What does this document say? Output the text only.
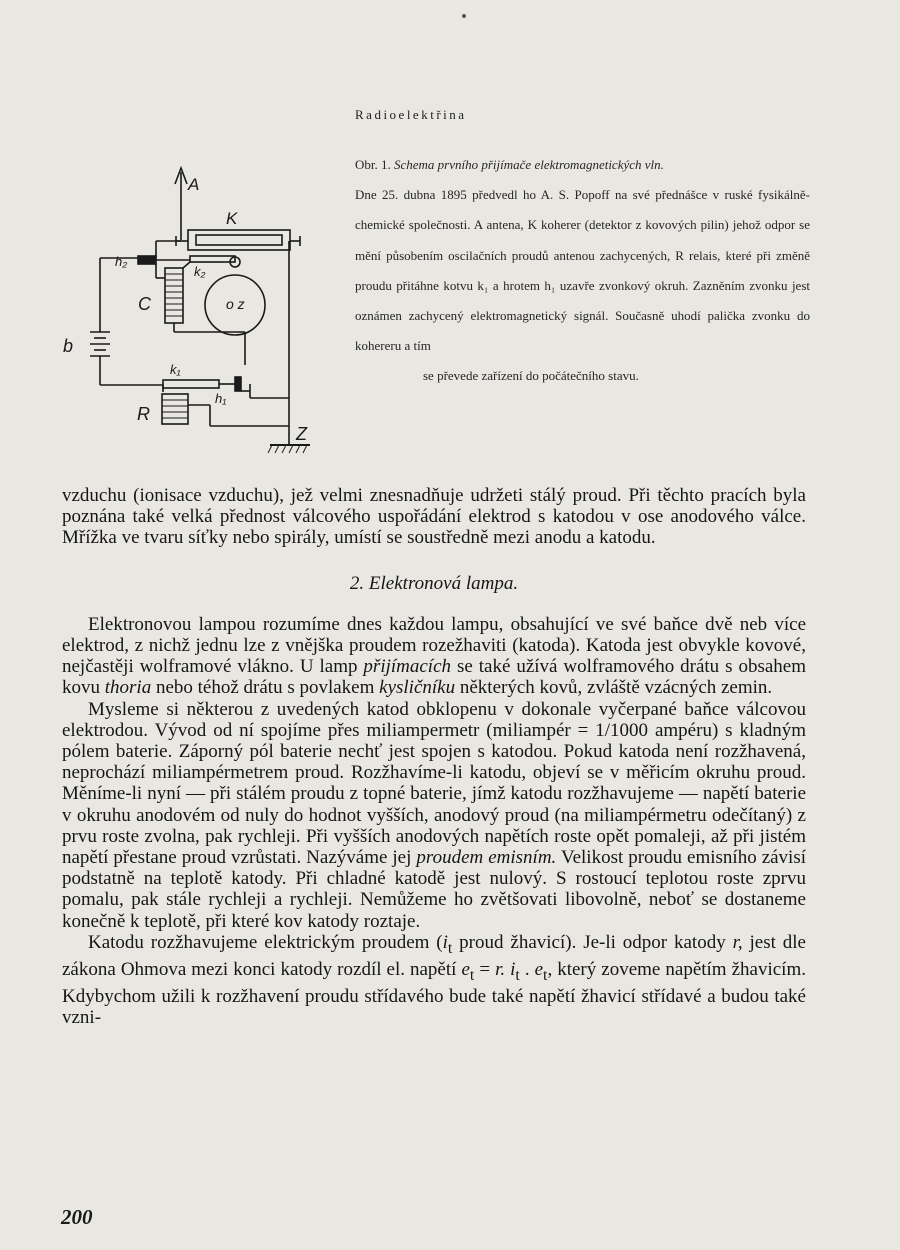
Radioelektřina
A
K
h₂
k₂
C	o z
b
k₁
h₁
R
Z
Obr. 1. Schema prvního přijímače elektromagnetických vln.
Dne 25. dubna 1895 předvedl ho A. S. Popoff na své přednášce v ruské fysikálně-chemické společnosti. A antena, K koherer (detektor z kovových pilin) jehož odpor se mění působením oscilačních proudů antenou zachycených, R relais, které při změně proudu přitáhne kotvu k₁ a hrotem h₁ uzavře zvonkový okruh. Zazněním zvonku jest oznámen zachycený elektromagnetický signál. Současně uhodí palička zvonku do kohereru a tím
se převede zařízení do počátečního stavu.

vzduchu (ionisace vzduchu), jež velmi znesnadňuje udržeti stálý proud. Při těchto pracích byla poznána také velká přednost válcového uspořádání elektrod s katodou v ose anodového válce. Mřížka ve tvaru síťky nebo spirály, umístí se soustředně mezi anodu a katodu.

2. Elektronová lampa.

Elektronovou lampou rozumíme dnes každou lampu, obsahující ve své baňce dvě neb více elektrod, z nichž jednu lze z vnějška proudem rozežhaviti (katoda). Katoda jest obvykle kovové, nejčastěji wolframové vlákno. U lamp přijímacích se také užívá wolframového drátu s obsahem kovu thoria nebo téhož drátu s povlakem kysličníku některých kovů, zvláště vzácných zemin.

Mysleme si některou z uvedených katod obklopenu v dokonale vyčerpané baňce válcovou elektrodou. Vývod od ní spojíme přes miliampermetr (miliampér = 1/1000 ampéru) s kladným pólem baterie. Záporný pól baterie nechť jest spojen s katodou. Pokud katoda není rozžhavená, neprochází miliampérmetrem proud. Rozžhavíme-li katodu, objeví se v měřicím okruhu proud. Měníme-li nyní — při stálém proudu z topné baterie, jímž katodu rozžhavujeme — napětí baterie v okruhu anodovém od nuly do hodnot vyšších, anodový proud (na miliampérmetru odečítaný) z prvu roste zvolna, pak rychleji. Při vyšších anodových napětích roste opět pomaleji, až při jistém napětí přestane proud vzrůstati. Nazýváme jej proudem emisním. Velikost proudu emisního závisí podstatně na teplotě katody. Při chladné katodě jest nulový. S rostoucí teplotou roste zprvu pomalu, pak stále rychleji a rychleji. Nemůžeme ho zvětšovati libovolně, neboť se dostaneme konečně k teplotě, při které kov katody roztaje.

Katodu rozžhavujeme elektrickým proudem ($i_t$ proud žhavicí). Je-li odpor katody r, jest dle zákona Ohmova mezi konci katody rozdíl el. napětí $e_t = r$. $i_t$ . $e_t$, který zoveme napětím žhavicím. Kdybychom užili k rozžhavení proudu střídavého bude také napětí žhavicí střídavé a budou také vzni-

200
